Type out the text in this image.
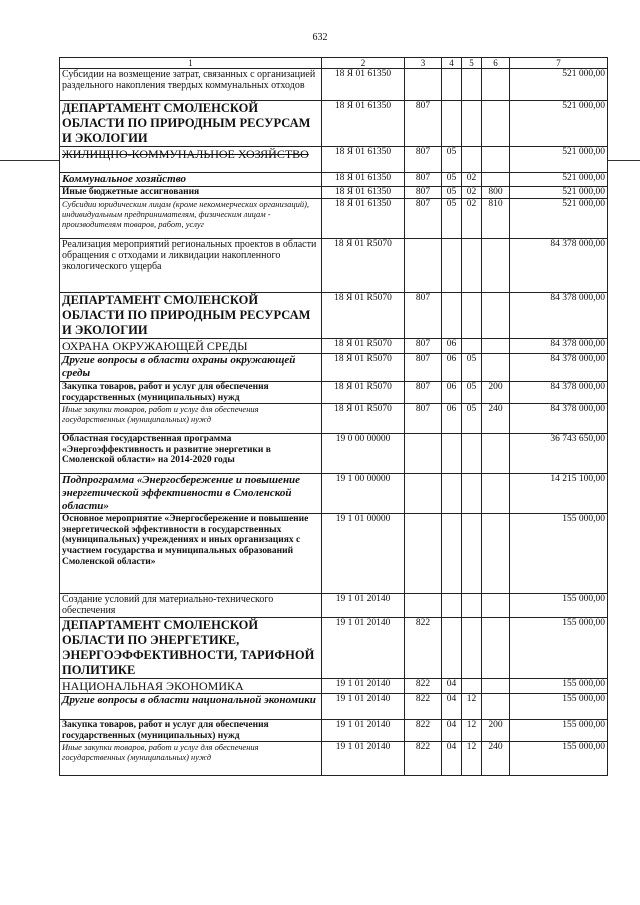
632
1	2	3	4	5	6	7
Субсидии на возмещение затрат, связанных с организацией раздельного накопления твердых коммунальных отходов	18 Я 01 61350					521 000,00
ДЕПАРТАМЕНТ СМОЛЕНСКОЙ ОБЛАСТИ ПО ПРИРОДНЫМ РЕСУРСАМ И ЭКОЛОГИИ	18 Я 01 61350	807				521 000,00
ЖИЛИЩНО-КОММУНАЛЬНОЕ ХОЗЯЙСТВО	18 Я 01 61350	807	05			521 000,00
Коммунальное хозяйство	18 Я 01 61350	807	05	02		521 000,00
Иные бюджетные ассигнования	18 Я 01 61350	807	05	02	800	521 000,00
Субсидии юридическим лицам (кроме некоммерческих организаций), индивидуальным предпринимателям, физическим лицам - производителям товаров, работ, услуг	18 Я 01 61350	807	05	02	810	521 000,00
Реализация мероприятий региональных проектов в области обращения с отходами и ликвидации накопленного экологического ущерба	18 Я 01 R5070					84 378 000,00
ДЕПАРТАМЕНТ СМОЛЕНСКОЙ ОБЛАСТИ ПО ПРИРОДНЫМ РЕСУРСАМ И ЭКОЛОГИИ	18 Я 01 R5070	807				84 378 000,00
ОХРАНА ОКРУЖАЮЩЕЙ СРЕДЫ	18 Я 01 R5070	807	06			84 378 000,00
Другие вопросы в области охраны окружающей среды	18 Я 01 R5070	807	06	05		84 378 000,00
Закупка товаров, работ и услуг для обеспечения государственных (муниципальных) нужд	18 Я 01 R5070	807	06	05	200	84 378 000,00
Иные закупки товаров, работ и услуг для обеспечения государственных (муниципальных) нужд	18 Я 01 R5070	807	06	05	240	84 378 000,00
Областная государственная программа «Энергоэффективность и развитие энергетики в Смоленской области» на 2014-2020 годы	19 0 00 00000					36 743 650,00
Подпрограмма «Энергосбережение и повышение энергетической эффективности в Смоленской области»	19 1 00 00000					14 215 100,00
Основное мероприятие «Энергосбережение и повышение энергетической эффективности в государственных (муниципальных) учреждениях и иных организациях с участием государства и муниципальных образований Смоленской области»	19 1 01 00000					155 000,00
Создание условий для материально-технического обеспечения	19 1 01 20140					155 000,00
ДЕПАРТАМЕНТ СМОЛЕНСКОЙ ОБЛАСТИ ПО ЭНЕРГЕТИКЕ, ЭНЕРГОЭФФЕКТИВНОСТИ, ТАРИФНОЙ ПОЛИТИКЕ	19 1 01 20140	822				155 000,00
НАЦИОНАЛЬНАЯ ЭКОНОМИКА	19 1 01 20140	822	04			155 000,00
Другие вопросы в области национальной экономики	19 1 01 20140	822	04	12		155 000,00
Закупка товаров, работ и услуг для обеспечения государственных (муниципальных) нужд	19 1 01 20140	822	04	12	200	155 000,00
Иные закупки товаров, работ и услуг для обеспечения государственных (муниципальных) нужд	19 1 01 20140	822	04	12	240	155 000,00
